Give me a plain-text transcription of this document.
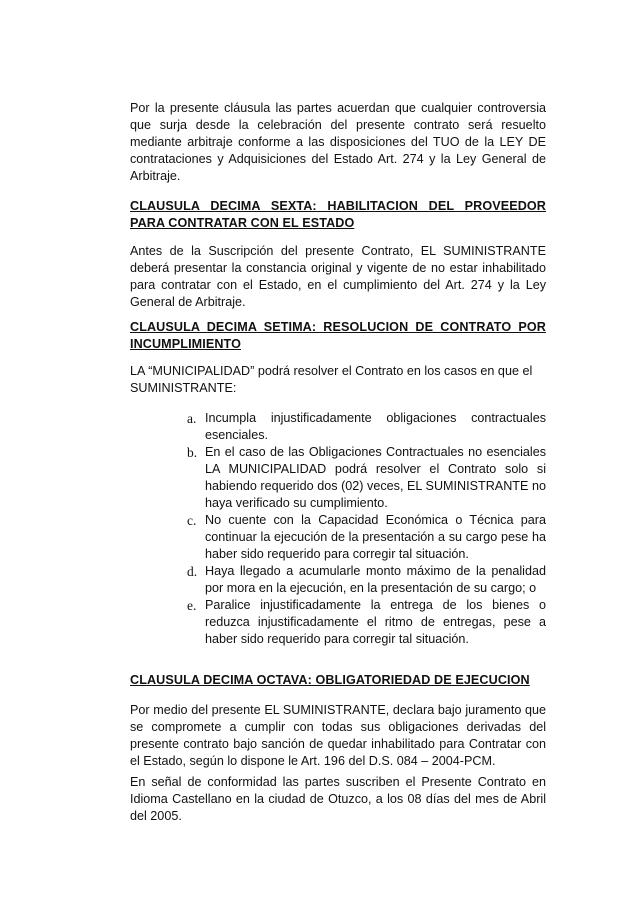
Por la presente cláusula las partes acuerdan que cualquier controversia que surja desde la celebración del presente contrato será resuelto mediante arbitraje conforme a las disposiciones del TUO de la LEY DE contrataciones y Adquisiciones del Estado Art. 274 y la Ley General de Arbitraje.

CLAUSULA DECIMA SEXTA: HABILITACION DEL PROVEEDOR PARA CONTRATAR CON EL ESTADO

Antes de la Suscripción del presente Contrato, EL SUMINISTRANTE deberá presentar la constancia original y vigente de no estar inhabilitado para contratar con el Estado, en el cumplimiento del Art. 274 y la Ley General de Arbitraje.

CLAUSULA DECIMA SETIMA: RESOLUCION DE CONTRATO POR INCUMPLIMIENTO

LA “MUNICIPALIDAD” podrá resolver el Contrato en los casos en que el SUMINISTRANTE:

a. Incumpla injustificadamente obligaciones contractuales esenciales.
b. En el caso de las Obligaciones Contractuales no esenciales LA MUNICIPALIDAD podrá resolver el Contrato solo si habiendo requerido dos (02) veces, EL SUMINISTRANTE no haya verificado su cumplimiento.
c. No cuente con la Capacidad Económica o Técnica para continuar la ejecución de la presentación a su cargo pese ha haber sido requerido para corregir tal situación.
d. Haya llegado a acumularle monto máximo de la penalidad por mora en la ejecución, en la presentación de su cargo; o
e. Paralice injustificadamente la entrega de los bienes o reduzca injustificadamente el ritmo de entregas, pese a haber sido requerido para corregir tal situación.

CLAUSULA DECIMA OCTAVA: OBLIGATORIEDAD DE EJECUCION

Por medio del presente EL SUMINISTRANTE, declara bajo juramento que se compromete a cumplir con todas sus obligaciones derivadas del presente contrato bajo sanción de quedar inhabilitado para Contratar con el Estado, según lo dispone le Art. 196 del D.S. 084 – 2004-PCM.

En señal de conformidad las partes suscriben el Presente Contrato en Idioma Castellano en la ciudad de Otuzco, a los 08 días del mes de Abril del 2005.
